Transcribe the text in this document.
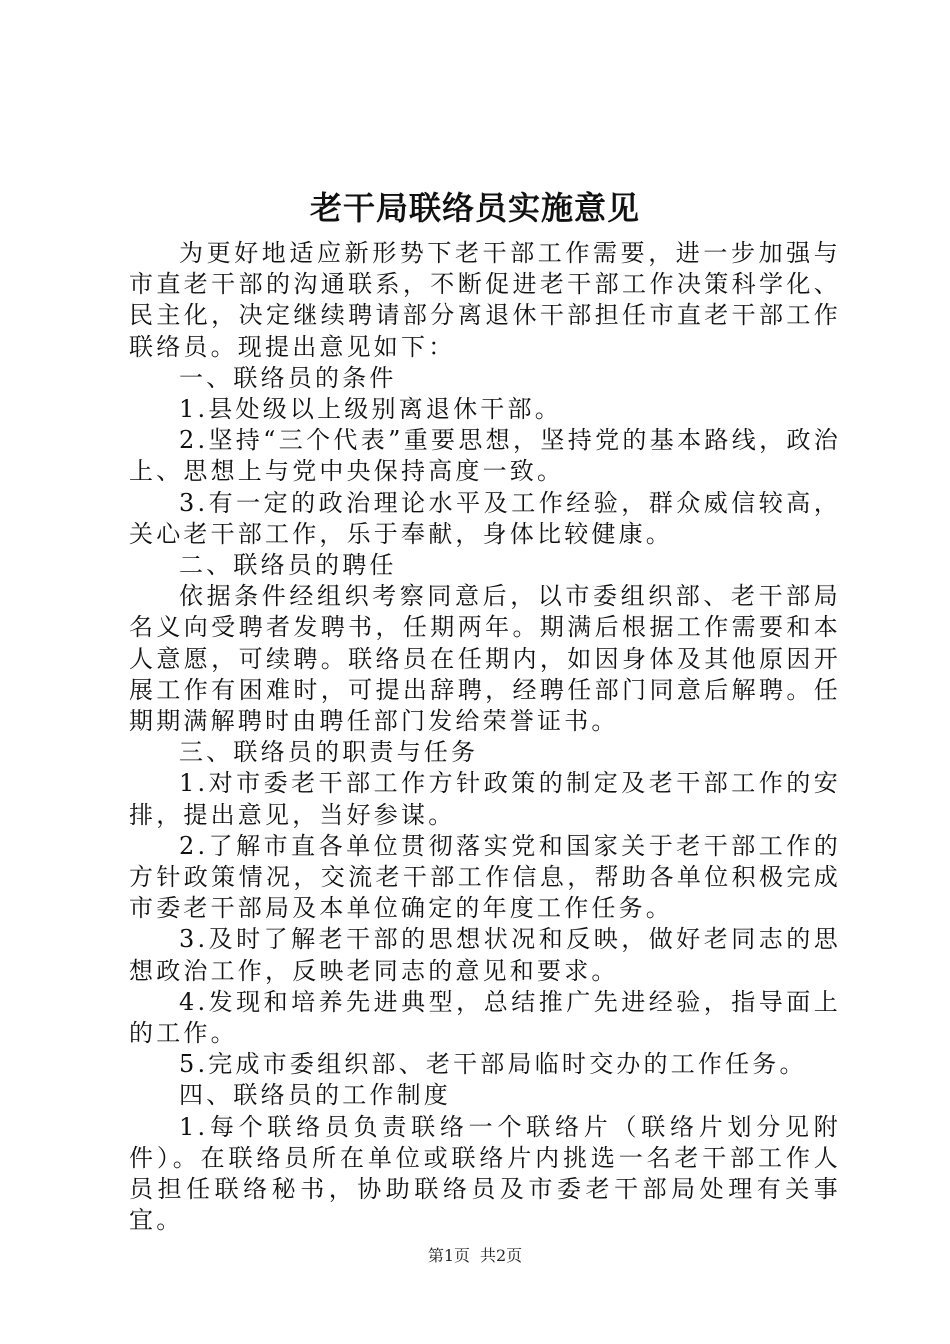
老干局联络员实施意见

为更好地适应新形势下老干部工作需要，进一步加强与市直老干部的沟通联系，不断促进老干部工作决策科学化、民主化，决定继续聘请部分离退休干部担任市直老干部工作联络员。现提出意见如下：

一、联络员的条件

1.县处级以上级别离退休干部。

2.坚持“三个代表”重要思想，坚持党的基本路线，政治上、思想上与党中央保持高度一致。

3.有一定的政治理论水平及工作经验，群众威信较高，关心老干部工作，乐于奉献，身体比较健康。

二、联络员的聘任

依据条件经组织考察同意后，以市委组织部、老干部局名义向受聘者发聘书，任期两年。期满后根据工作需要和本人意愿，可续聘。联络员在任期内，如因身体及其他原因开展工作有困难时，可提出辞聘，经聘任部门同意后解聘。任期期满解聘时由聘任部门发给荣誉证书。

三、联络员的职责与任务

1.对市委老干部工作方针政策的制定及老干部工作的安排，提出意见，当好参谋。

2.了解市直各单位贯彻落实党和国家关于老干部工作的方针政策情况，交流老干部工作信息，帮助各单位积极完成市委老干部局及本单位确定的年度工作任务。

3.及时了解老干部的思想状况和反映，做好老同志的思想政治工作，反映老同志的意见和要求。

4.发现和培养先进典型，总结推广先进经验，指导面上的工作。

5.完成市委组织部、老干部局临时交办的工作任务。

四、联络员的工作制度

1.每个联络员负责联络一个联络片（联络片划分见附件）。在联络员所在单位或联络片内挑选一名老干部工作人员担任联络秘书，协助联络员及市委老干部局处理有关事宜。

第1页 共2页
